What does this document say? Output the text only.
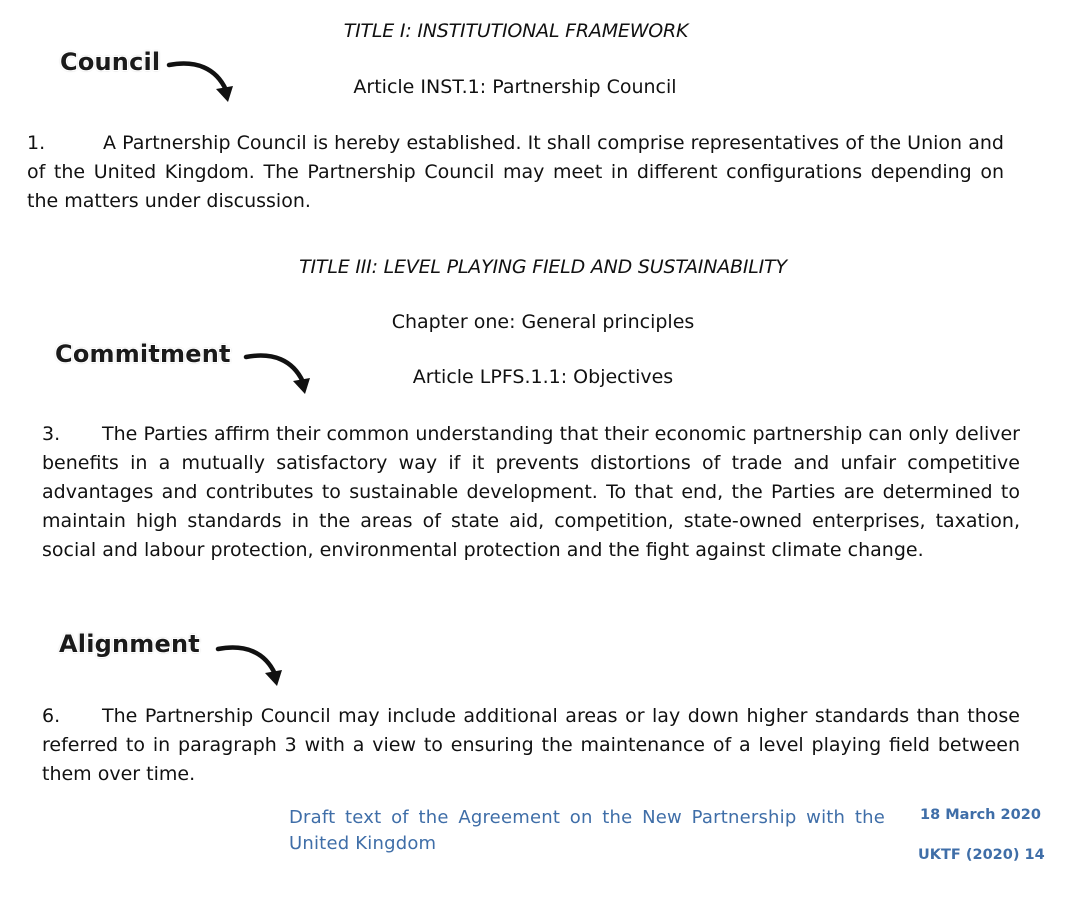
TITLE I: INSTITUTIONAL FRAMEWORK
Council
Article INST.1: Partnership Council
1.	A Partnership Council is hereby established. It shall comprise representatives of the Union and of the United Kingdom. The Partnership Council may meet in different configurations depending on the matters under discussion.
TITLE III: LEVEL PLAYING FIELD AND SUSTAINABILITY
Chapter one: General principles
Commitment
Article LPFS.1.1: Objectives
3. The Parties affirm their common understanding that their economic partnership can only deliver benefits in a mutually satisfactory way if it prevents distortions of trade and unfair competitive advantages and contributes to sustainable development. To that end, the Parties are determined to maintain high standards in the areas of state aid, competition, state-owned enterprises, taxation, social and labour protection, environmental protection and the fight against climate change.
Alignment
6. The Partnership Council may include additional areas or lay down higher standards than those referred to in paragraph 3 with a view to ensuring the maintenance of a level playing field between them over time.
Draft text of the Agreement on the New Partnership with the United Kingdom
18 March 2020
UKTF (2020) 14
